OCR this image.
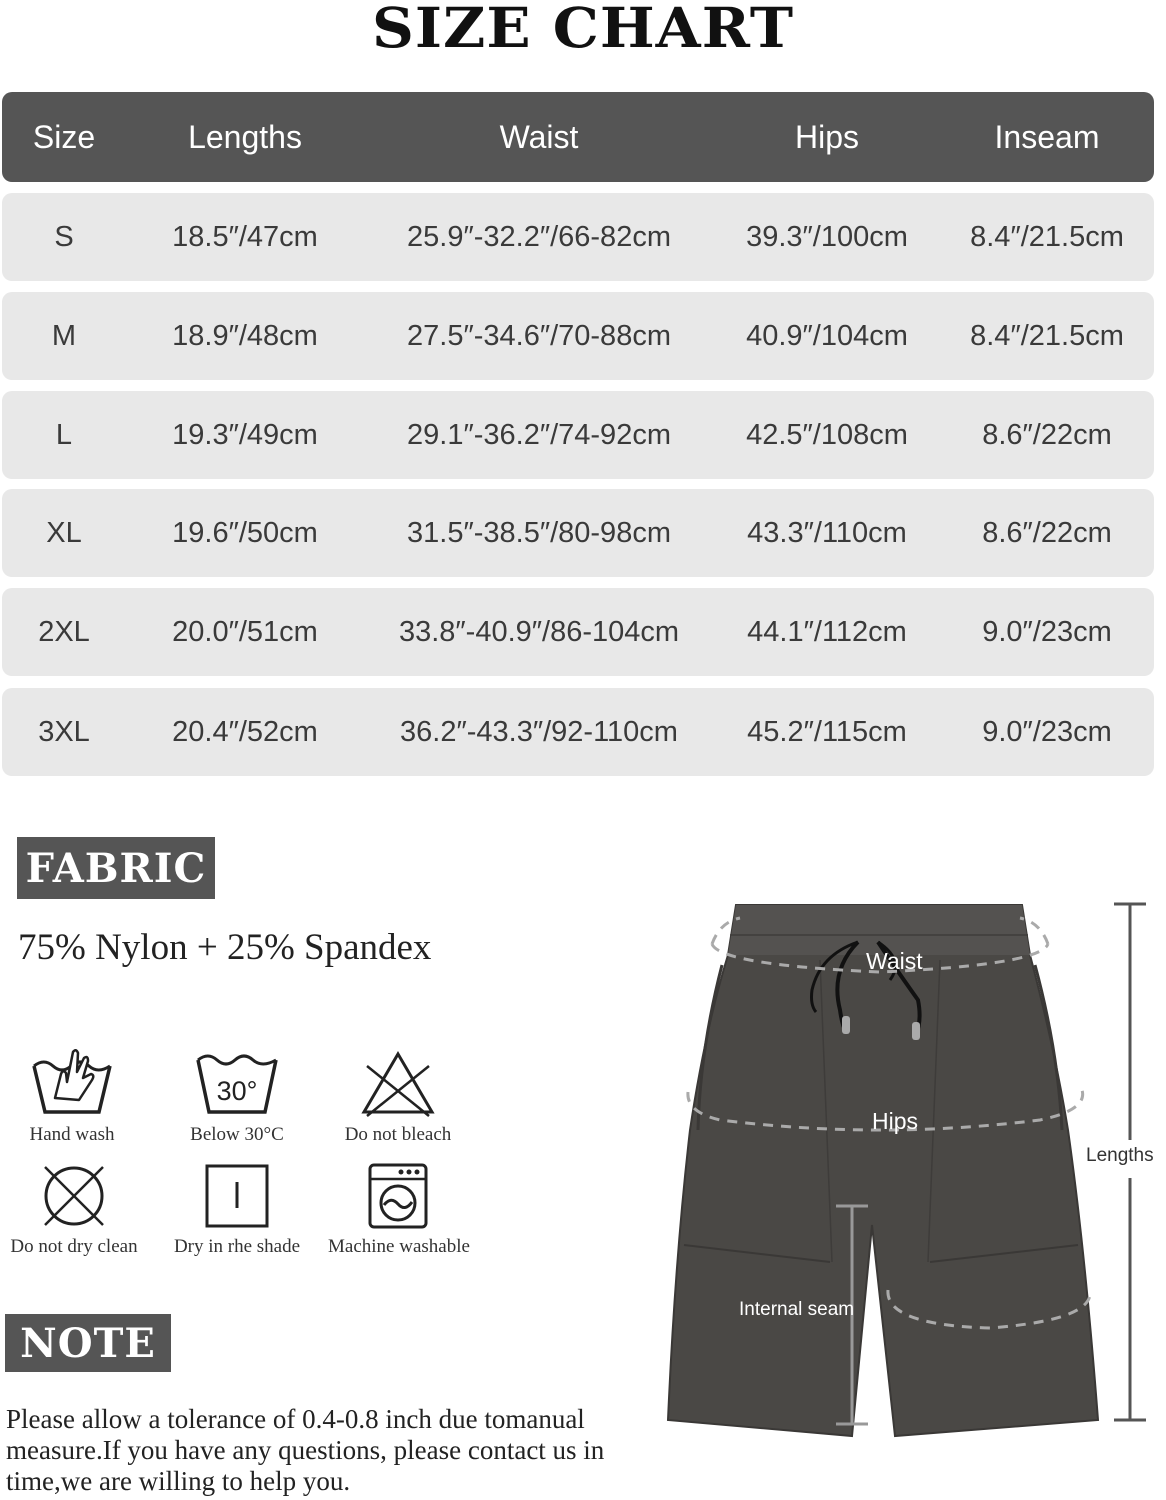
SIZE CHART
Size	Lengths	Waist	Hips	Inseam
S	18.5″/47cm	25.9″-32.2″/66-82cm	39.3″/100cm	8.4″/21.5cm
M	18.9″/48cm	27.5″-34.6″/70-88cm	40.9″/104cm	8.4″/21.5cm
L	19.3″/49cm	29.1″-36.2″/74-92cm	42.5″/108cm	8.6″/22cm
XL	19.6″/50cm	31.5″-38.5″/80-98cm	43.3″/110cm	8.6″/22cm
2XL	20.0″/51cm	33.8″-40.9″/86-104cm	44.1″/112cm	9.0″/23cm
3XL	20.4″/52cm	36.2″-43.3″/92-110cm	45.2″/115cm	9.0″/23cm
FABRIC
75% Nylon + 25% Spandex
Hand wash
30°
Below 30°C	Do not bleach
Do not dry clean	Dry in rhe shade	Machine washable
NOTE
Please allow a tolerance of 0.4-0.8 inch due tomanual measure.If you have any questions, please contact us in time,we are willing to help you.
Waist
Hips
Lengths
Internal seam
